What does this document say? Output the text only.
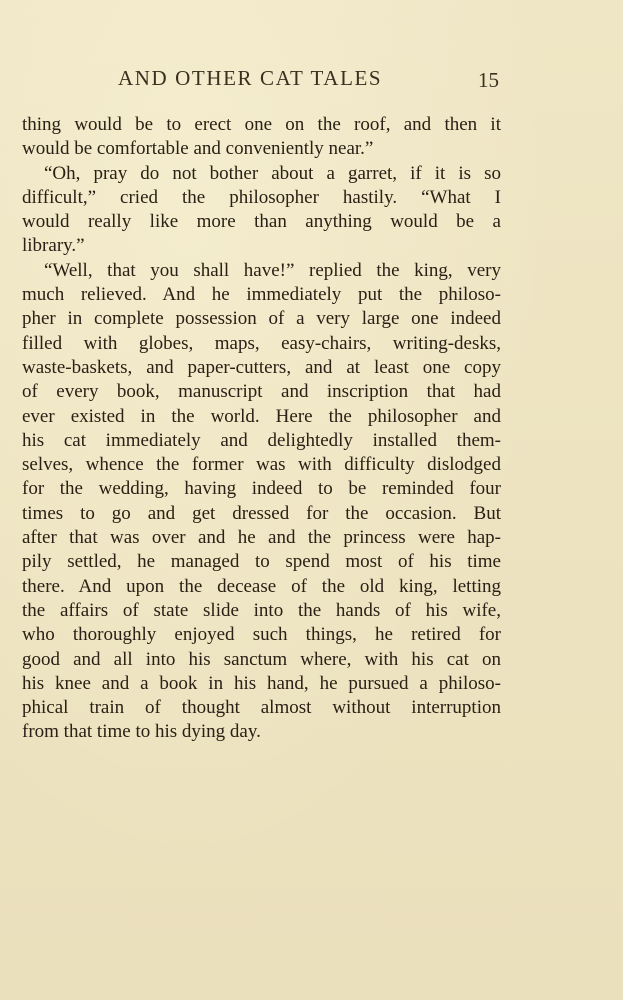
AND OTHER CAT TALES	15
thing would be to erect one on the roof, and then it
would be comfortable and conveniently near.”
“Oh, pray do not bother about a garret, if it is so
difficult,” cried the philosopher hastily. “What I
would really like more than anything would be a
library.”
“Well, that you shall have!” replied the king, very
much relieved. And he immediately put the philoso-
pher in complete possession of a very large one indeed
filled with globes, maps, easy-chairs, writing-desks,
waste-baskets, and paper-cutters, and at least one copy
of every book, manuscript and inscription that had
ever existed in the world. Here the philosopher and
his cat immediately and delightedly installed them-
selves, whence the former was with difficulty dislodged
for the wedding, having indeed to be reminded four
times to go and get dressed for the occasion. But
after that was over and he and the princess were hap-
pily settled, he managed to spend most of his time
there. And upon the decease of the old king, letting
the affairs of state slide into the hands of his wife,
who thoroughly enjoyed such things, he retired for
good and all into his sanctum where, with his cat on
his knee and a book in his hand, he pursued a philoso-
phical train of thought almost without interruption
from that time to his dying day.
